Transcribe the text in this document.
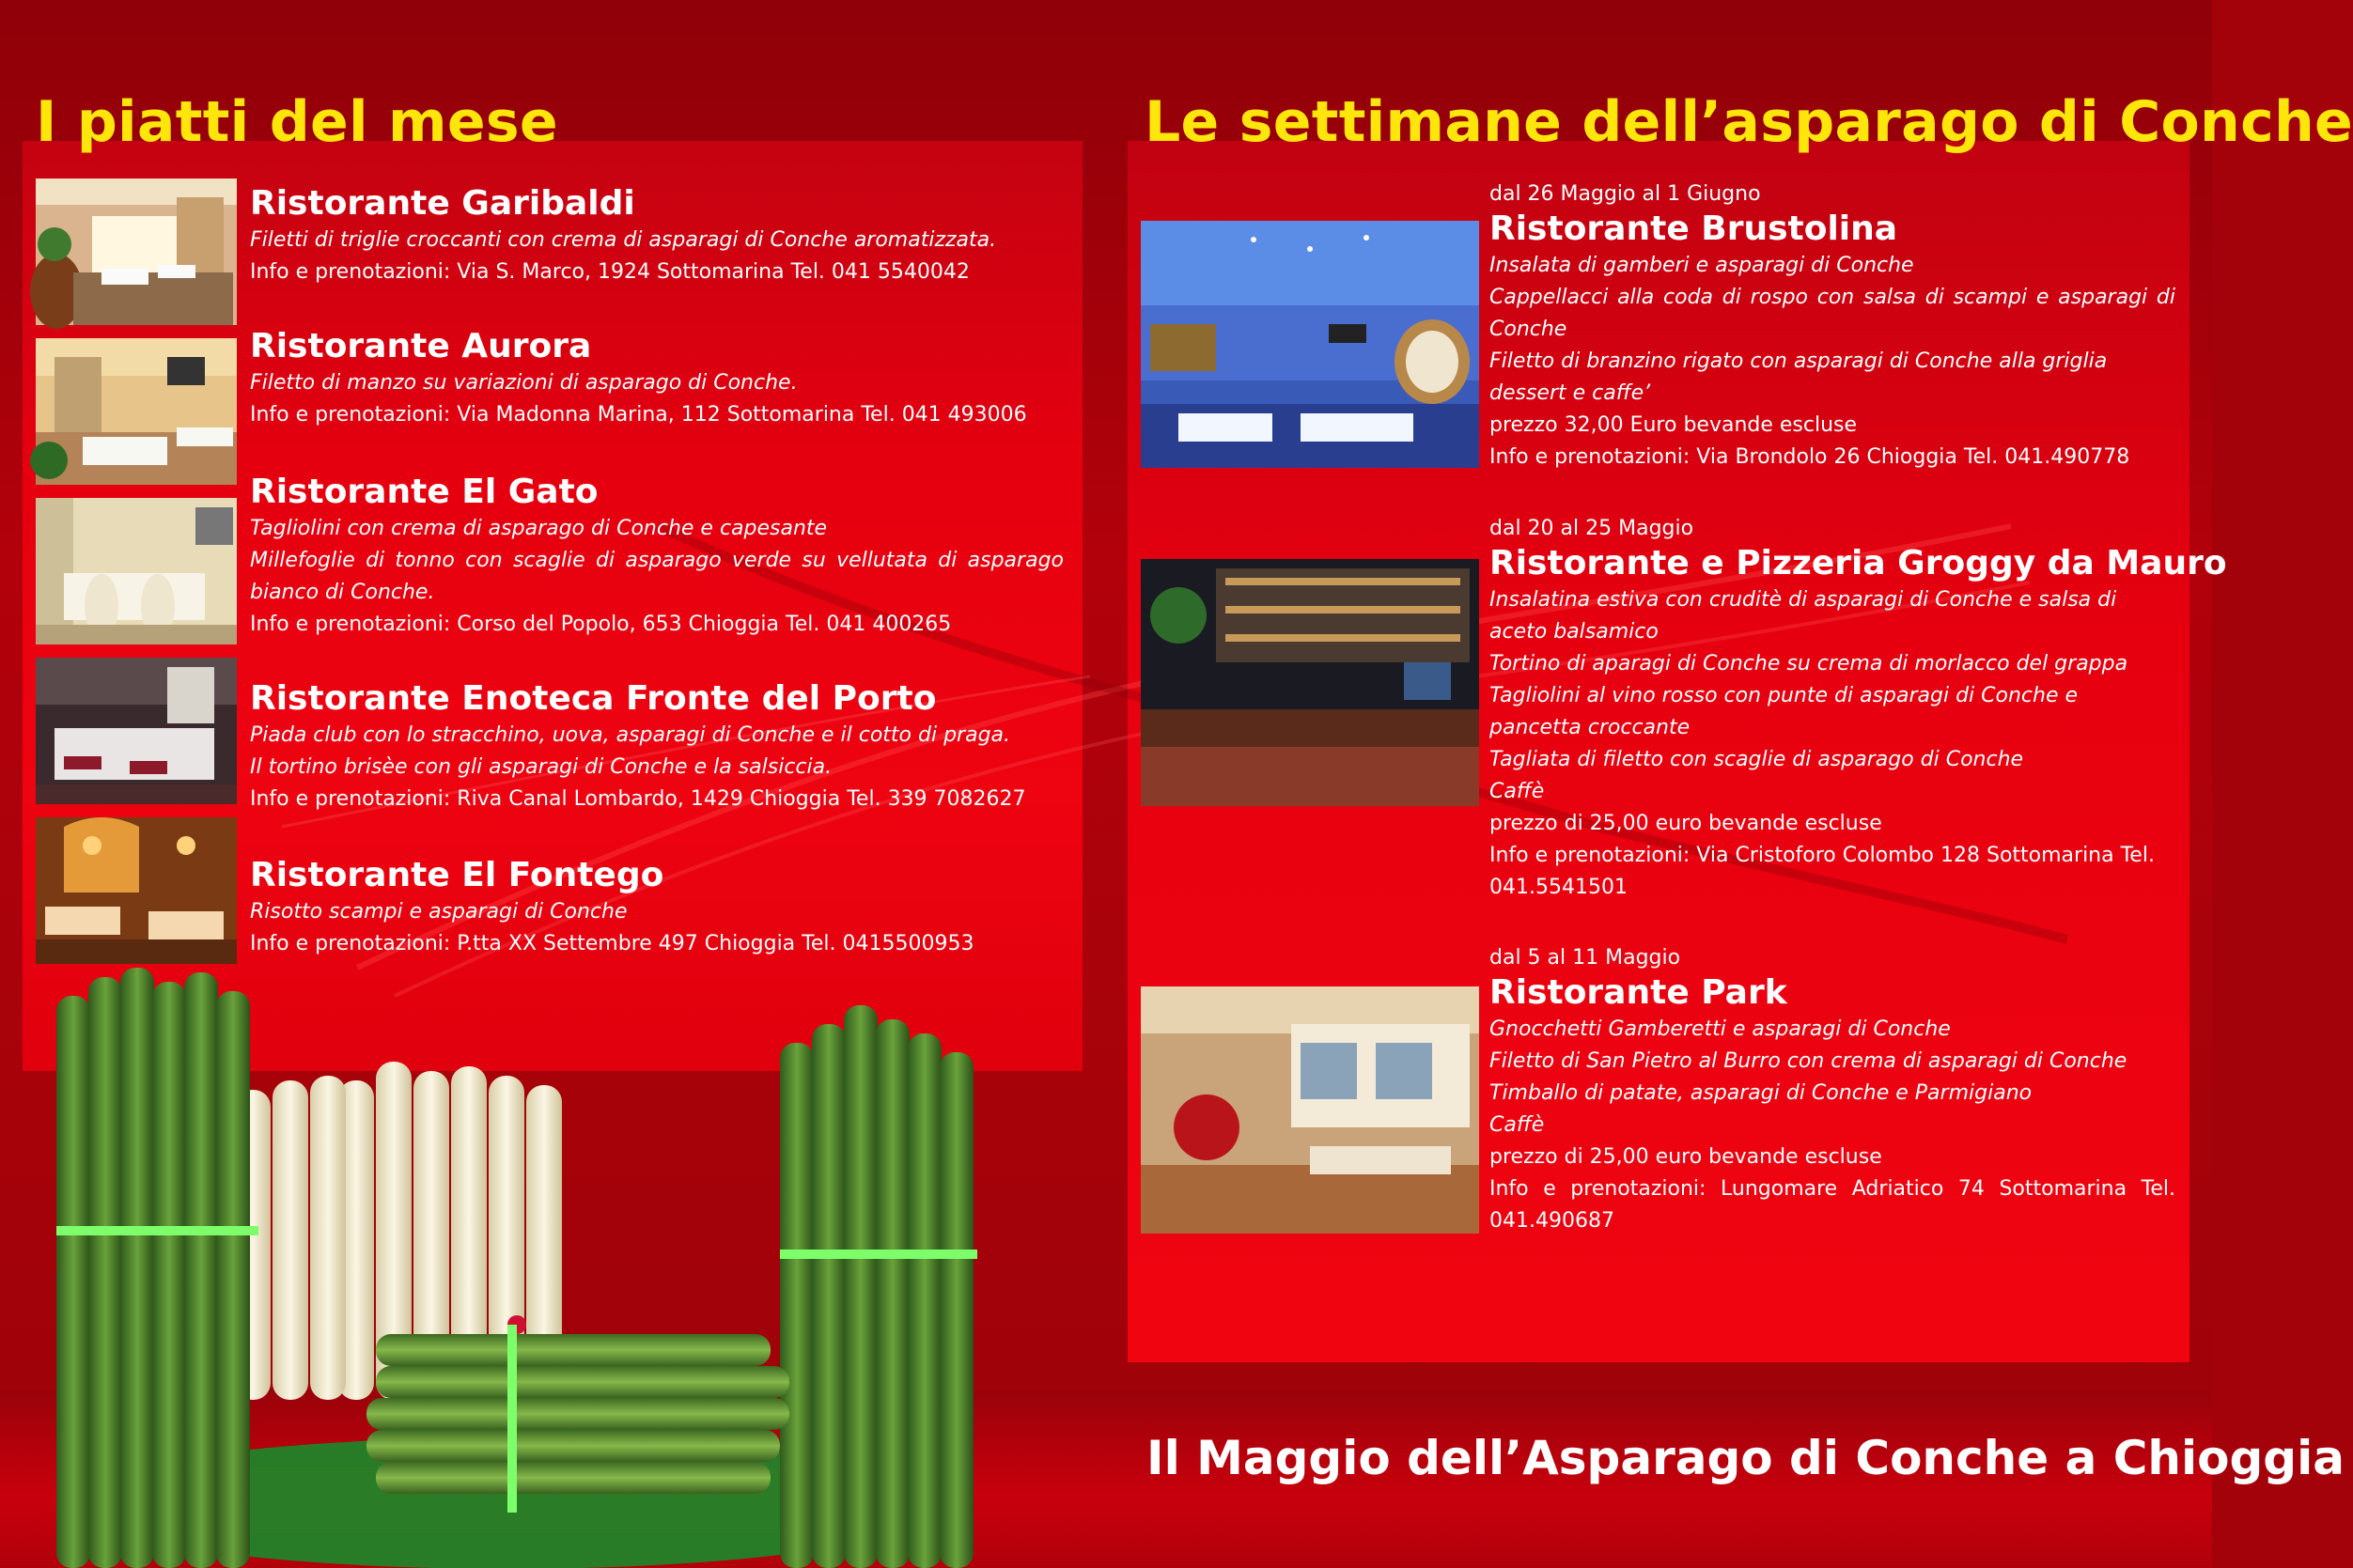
I piatti del mese	Le settimane dell’asparago di Conche
Ristorante Garibaldi
Filetti di triglie croccanti con crema di asparagi di Conche aromatizzata.
Info e prenotazioni: Via S. Marco, 1924 Sottomarina Tel. 041 5540042
Ristorante Aurora
Filetto di manzo su variazioni di asparago di Conche.
Info e prenotazioni: Via Madonna Marina, 112 Sottomarina Tel. 041 493006
Ristorante El Gato
Tagliolini con crema di asparago di Conche e capesante
Millefoglie di tonno con scaglie di asparago verde su vellutata di asparago bianco di Conche.
Info e prenotazioni: Corso del Popolo, 653 Chioggia Tel. 041 400265
Ristorante Enoteca Fronte del Porto
Piada club con lo stracchino, uova, asparagi di Conche e il cotto di praga.
Il tortino brisèe con gli asparagi di Conche e la salsiccia.
Info e prenotazioni: Riva Canal Lombardo, 1429 Chioggia Tel. 339 7082627
Ristorante El Fontego
Risotto scampi e asparagi di Conche
Info e prenotazioni: P.tta XX Settembre 497 Chioggia Tel. 0415500953
dal 26 Maggio al 1 Giugno
Ristorante Brustolina
Insalata di gamberi e asparagi di Conche
Cappellacci alla coda di rospo con salsa di scampi e asparagi di Conche
Filetto di branzino rigato con asparagi di Conche alla griglia
dessert e caffe’
prezzo 32,00 Euro bevande escluse
Info e prenotazioni: Via Brondolo 26 Chioggia Tel. 041.490778
dal 20 al 25 Maggio
Ristorante e Pizzeria Groggy da Mauro
Insalatina estiva con cruditè di asparagi di Conche e salsa di aceto balsamico
Tortino di aparagi di Conche su crema di morlacco del grappa
Tagliolini al vino rosso con punte di asparagi di Conche e pancetta croccante
Tagliata di filetto con scaglie di asparago di Conche
Caffè
prezzo di 25,00 euro bevande escluse
Info e prenotazioni: Via Cristoforo Colombo 128 Sottomarina Tel. 041.5541501
dal 5 al 11 Maggio
Ristorante Park
Gnocchetti Gamberetti e asparagi di Conche
Filetto di San Pietro al Burro con crema di asparagi di Conche
Timballo di patate, asparagi di Conche e Parmigiano
Caffè
prezzo di 25,00 euro bevande escluse
Info e prenotazioni: Lungomare Adriatico 74 Sottomarina Tel. 041.490687
Il Maggio dell’Asparago di Conche a Chioggia
